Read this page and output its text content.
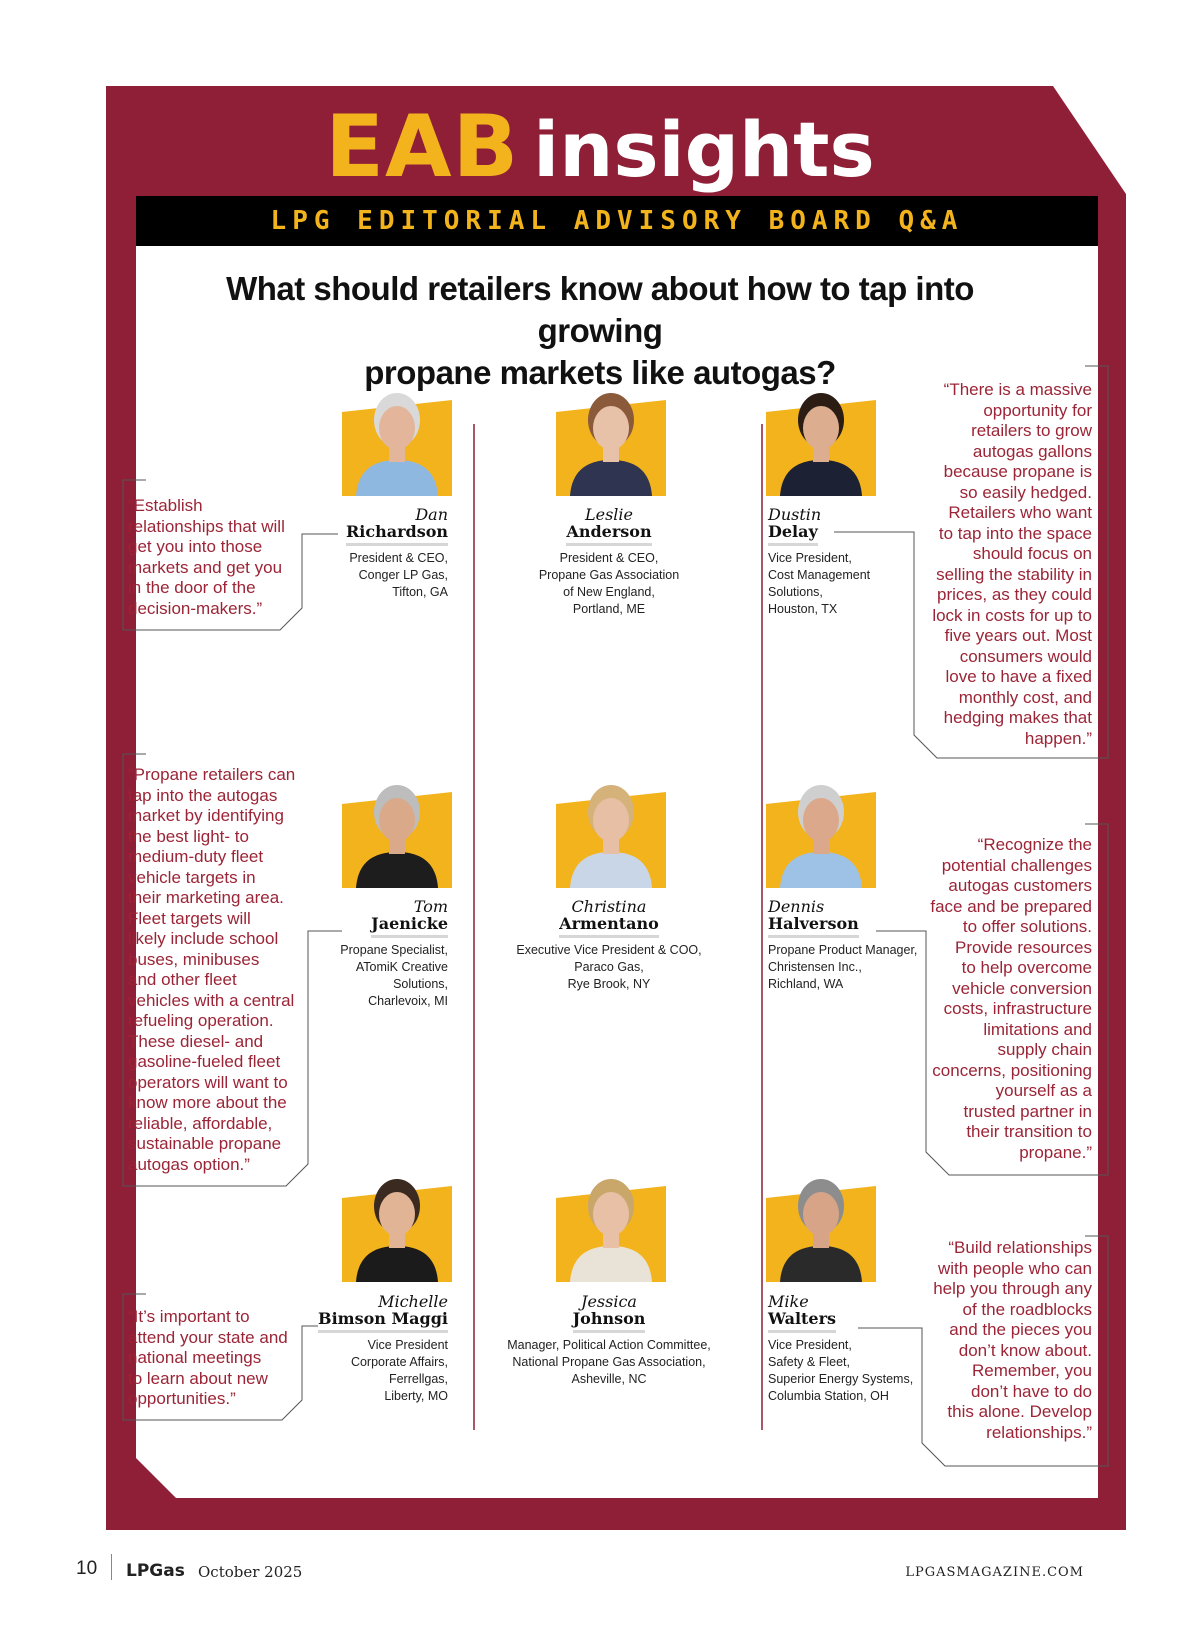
EAB insights
LPG EDITORIAL ADVISORY BOARD Q&A
What should retailers know about how to tap into growing
propane markets like autogas?
“Establish
relationships that will
get you into those
markets and get you
in the door of the
decision-makers.”
“There is a massive
opportunity for
retailers to grow
autogas gallons
because propane is
so easily hedged.
Retailers who want
to tap into the space
should focus on
selling the stability in
prices, as they could
lock in costs for up to
five years out. Most
consumers would
love to have a fixed
monthly cost, and
hedging makes that
happen.”
“Propane retailers can
tap into the autogas
market by identifying
the best light- to
medium-duty fleet
vehicle targets in
their marketing area.
Fleet targets will
likely include school
buses, minibuses
and other fleet
vehicles with a central
refueling operation.
These diesel- and
gasoline-fueled fleet
operators will want to
know more about the
reliable, affordable,
sustainable propane
autogas option.”
“Recognize the
potential challenges
autogas customers
face and be prepared
to offer solutions.
Provide resources
to help overcome
vehicle conversion
costs, infrastructure
limitations and
supply chain
concerns, positioning
yourself as a
trusted partner in
their transition to
propane.”
“It’s important to
attend your state and
national meetings
to learn about new
opportunities.”
“Build relationships
with people who can
help you through any
of the roadblocks
and the pieces you
don’t know about.
Remember, you
don’t have to do
this alone. Develop
relationships.”
Dan
Richardson
President & CEO,
Conger LP Gas,
Tifton, GA
Leslie
Anderson
President & CEO,
Propane Gas Association
of New England,
Portland, ME
Dustin
Delay
Vice President,
Cost Management
Solutions,
Houston, TX
Tom
Jaenicke
Propane Specialist,
ATomiK Creative
Solutions,
Charlevoix, MI
Christina
Armentano
Executive Vice President & COO,
Paraco Gas,
Rye Brook, NY
Dennis
Halverson
Propane Product Manager,
Christensen Inc.,
Richland, WA
Michelle
Bimson Maggi
Vice President
Corporate Affairs,
Ferrellgas,
Liberty, MO
Jessica
Johnson
Manager, Political Action Committee,
National Propane Gas Association,
Asheville, NC
Mike
Walters
Vice President,
Safety & Fleet,
Superior Energy Systems,
Columbia Station, OH
10 LPGas October 2025	LPGASMAGAZINE.COM
